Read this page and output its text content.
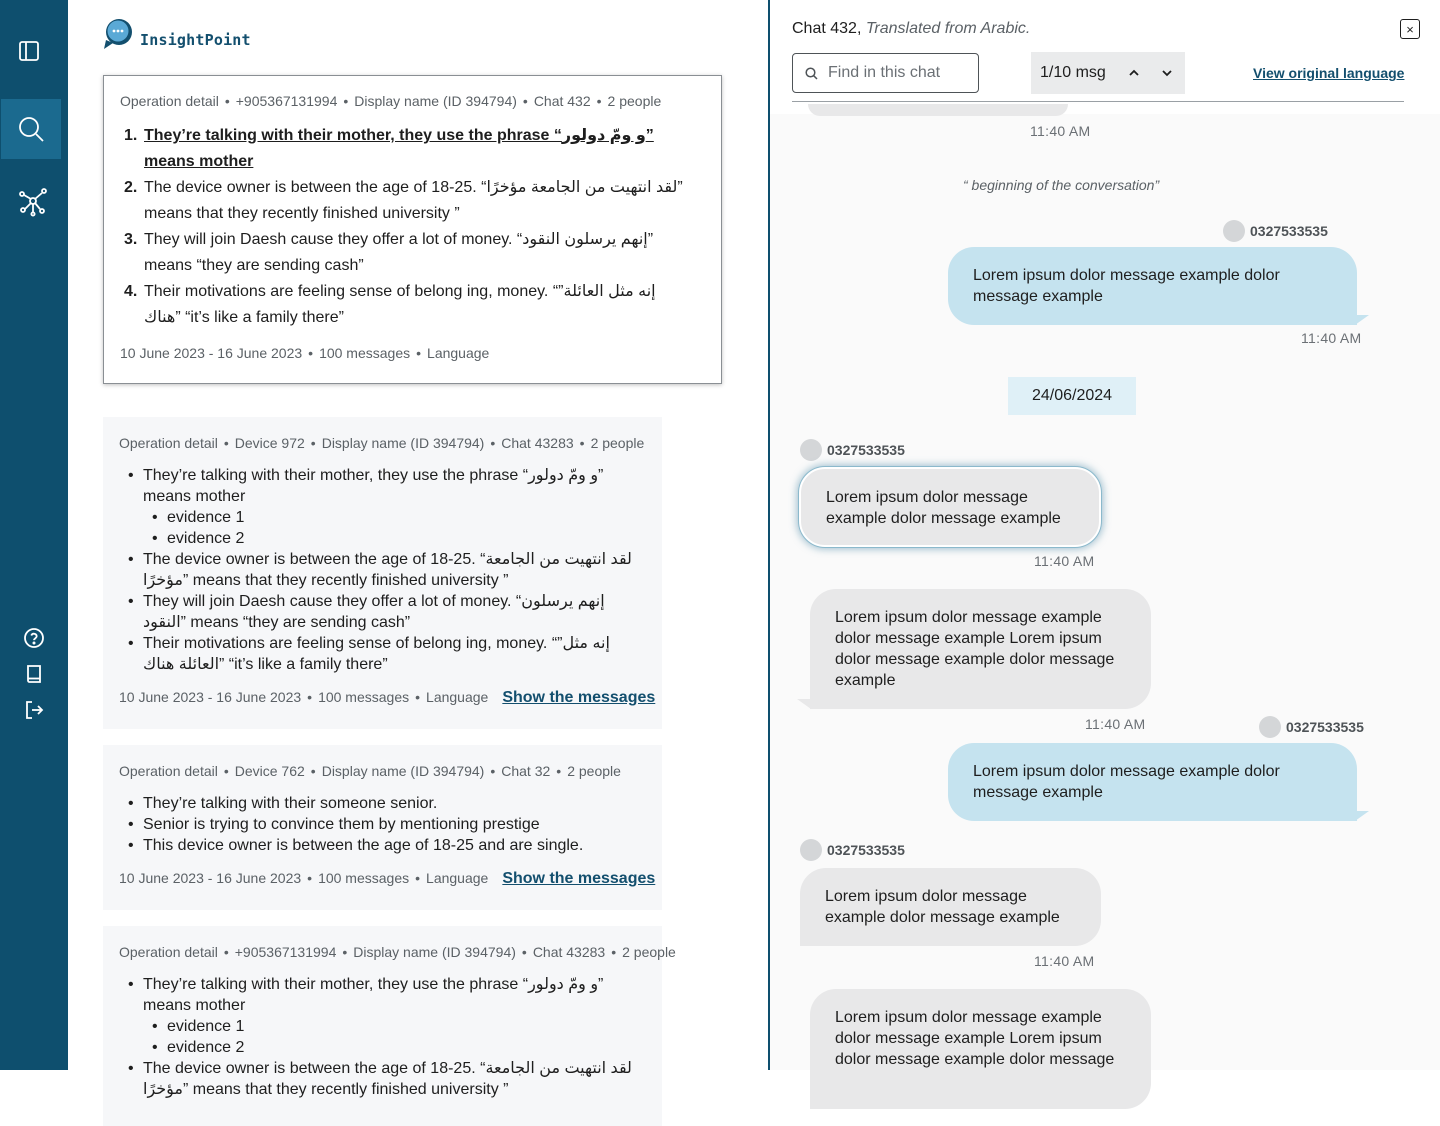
InsightPoint
Operation detail • +905367131994 • Display name (ID 394794) • Chat 432 • 2 people
They’re talking with their mother, they use the phrase “و ومّ دولور” means mother
The device owner is between the age of 18-25. “لقد انتهيت من الجامعة مؤخرًا” means that they recently finished university ”
They will join Daesh cause they offer a lot of money. “إنهم يرسلون النقود” means “they are sending cash”
Their motivations are feeling sense of belong ing, money. “”إنه مثل العائلة هناك” “it’s like a family there”
10 June 2023 - 16 June 2023 • 100 messages • Language
Operation detail • Device 972 • Display name (ID 394794) • Chat 43283 • 2 people
• They’re talking with their mother, they use the phrase “و ومّ دولور” means mother
• evidence 1
• evidence 2
• The device owner is between the age of 18-25. “لقد انتهيت من الجامعة مؤخرًا” means that they recently finished university ”
• They will join Daesh cause they offer a lot of money. “إنهم يرسلون النقود” means “they are sending cash”
• Their motivations are feeling sense of belong ing, money. “”إنه مثل العائلة هناك” “it’s like a family there”
10 June 2023 - 16 June 2023 • 100 messages • Language Show the messages
Operation detail • Device 762 • Display name (ID 394794) • Chat 32 • 2 people
• They’re talking with their someone senior.
• Senior is trying to convince them by mentioning prestige
• This device owner is between the age of 18-25 and are single.
10 June 2023 - 16 June 2023 • 100 messages • Language Show the messages
Operation detail • +905367131994 • Display name (ID 394794) • Chat 43283 • 2 people
• They’re talking with their mother, they use the phrase “و ومّ دولور” means mother
• evidence 1
• evidence 2
• The device owner is between the age of 18-25. “لقد انتهيت من الجامعة مؤخرًا” means that they recently finished university ”
Chat 432, Translated from Arabic.	×
Find in this chat
1/10 msg	View original language
11:40 AM
“ beginning of the conversation”
0327533535
Lorem ipsum dolor message example dolor message example
11:40 AM
24/06/2024
0327533535
Lorem ipsum dolor message example dolor message example
11:40 AM
Lorem ipsum dolor message example dolor message example Lorem ipsum dolor message example dolor message example
11:40 AM	0327533535
Lorem ipsum dolor message example dolor message example
0327533535
Lorem ipsum dolor message example dolor message example
11:40 AM
Lorem ipsum dolor message example dolor message example Lorem ipsum dolor message example dolor message
